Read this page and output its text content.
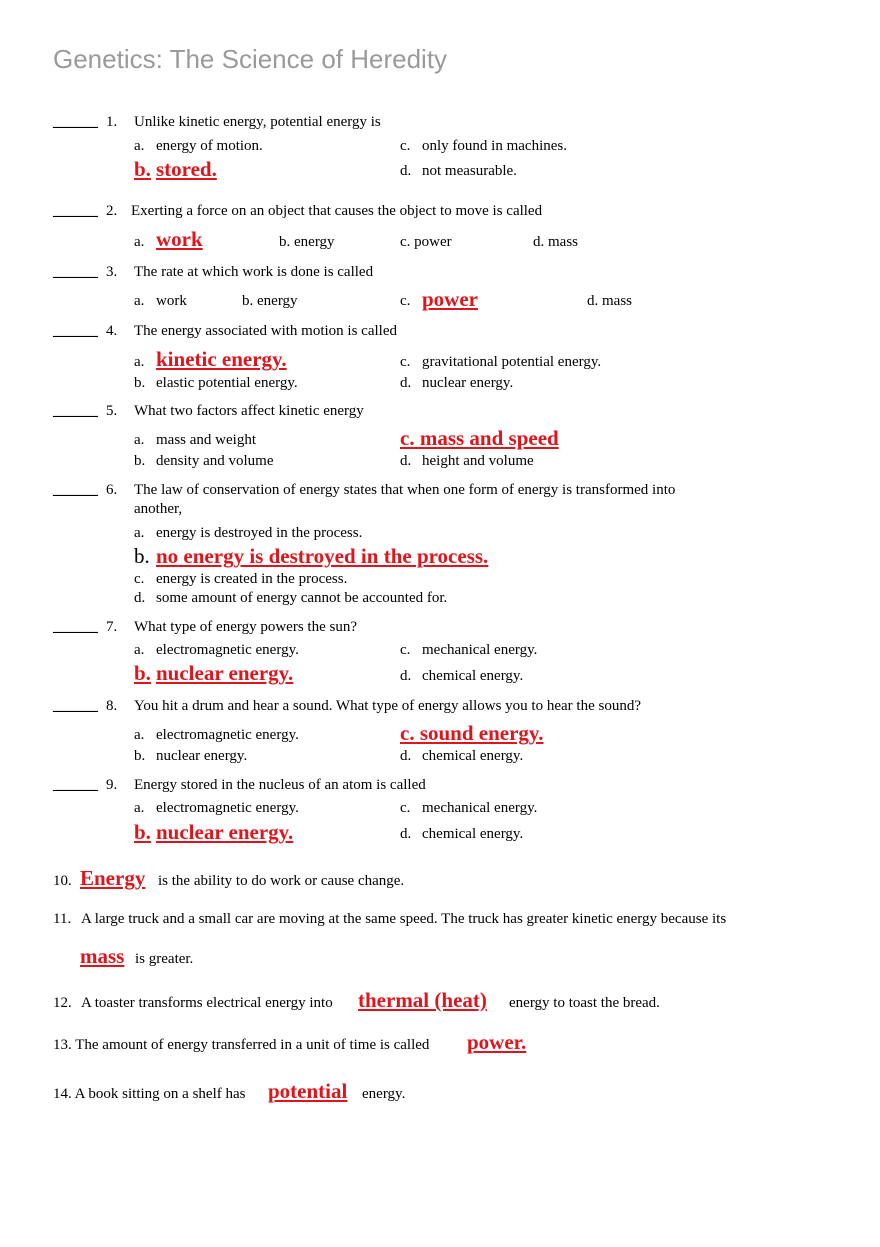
Genetics: The Science of Heredity
______ 1. Unlike kinetic energy, potential energy is
a. energy of motion.	c. only found in machines.
b. stored.	d. not measurable.
______ 2. Exerting a force on an object that causes the object to move is called
a. work	b. energy	c. power	d. mass
______ 3. The rate at which work is done is called
a. work	b. energy	c. power	d. mass
______ 4. The energy associated with motion is called
a. kinetic energy.	c. gravitational potential energy.
b. elastic potential energy.	d. nuclear energy.
______ 5. What two factors affect kinetic energy
a. mass and weight	c. mass and speed
b. density and volume	d. height and volume
______ 6. The law of conservation of energy states that when one form of energy is transformed into
another,
a. energy is destroyed in the process.
b. no energy is destroyed in the process.
c. energy is created in the process.
d. some amount of energy cannot be accounted for.
______ 7. What type of energy powers the sun?
a. electromagnetic energy.	c. mechanical energy.
b. nuclear energy.	d. chemical energy.
______ 8. You hit a drum and hear a sound. What type of energy allows you to hear the sound?
a. electromagnetic energy.	c. sound energy.
b. nuclear energy.	d. chemical energy.
______ 9. Energy stored in the nucleus of an atom is called
a. electromagnetic energy.	c. mechanical energy.
b. nuclear energy.	d. chemical energy.
10. Energy is the ability to do work or cause change.
11. A large truck and a small car are moving at the same speed. The truck has greater kinetic energy because its
mass is greater.
12. A toaster transforms electrical energy into thermal (heat) energy to toast the bread.
13. The amount of energy transferred in a unit of time is called power.
14. A book sitting on a shelf has potential energy.
